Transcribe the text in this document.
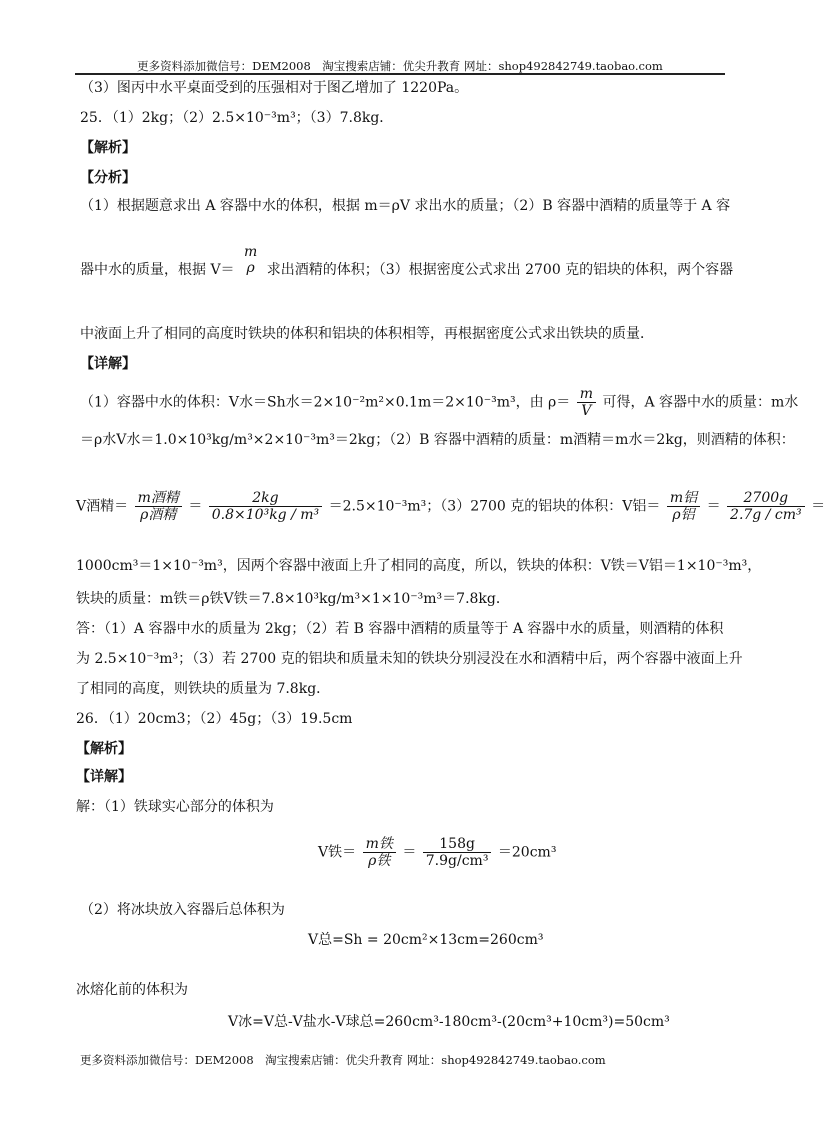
更多资料添加微信号：DEM2008　淘宝搜索店铺：优尖升教育 网址：shop492842749.taobao.com
（3）图丙中水平桌面受到的压强相对于图乙增加了 1220Pa。
25．（1）2kg；（2）2.5×10⁻³m³；（3）7.8kg．
【解析】
【分析】
（1）根据题意求出 A 容器中水的体积，根据 m＝ρV 求出水的质量；（2）B 容器中酒精的质量等于 A 容
器中水的质量，根据 V＝
m
ρ 求出酒精的体积；（3）根据密度公式求出 2700 克的铝块的体积，两个容器
中液面上升了相同的高度时铁块的体积和铝块的体积相等，再根据密度公式求出铁块的质量．
【详解】
（1）容器中水的体积：V水＝Sh水＝2×10⁻²m²×0.1m＝2×10⁻³m³，由 $\rho= \frac{m}{V}$ 可得，A 容器中水的质量：m水
＝ρ水V水＝1.0×10³kg/m³×2×10⁻³m³＝2kg；（2）B 容器中酒精的质量：m酒精＝m水＝2kg，则酒精的体积：
V酒精＝ $\frac{\text{m酒精}}{\text{ρ酒精}} = \frac{2kg}{\text{0.8×10³kg / m³}} =2.5\times 10^{-3}m^3$；（3）2700 克的铝块的体积：V铝＝ $\frac{\text{m铝}}{\text{ρ铝}} = \frac{2700g}{\text{2.7g / cm³}}$ ＝
1000cm³＝1×10⁻³m³，因两个容器中液面上升了相同的高度，所以，铁块的体积：V铁＝V铝＝1×10⁻³m³，
铁块的质量：m铁＝ρ铁V铁＝7.8×10³kg/m³×1×10⁻³m³＝7.8kg．
答：（1）A 容器中水的质量为 2kg；（2）若 B 容器中酒精的质量等于 A 容器中水的质量，则酒精的体积
为 2.5×10⁻³m³；（3）若 2700 克的铝块和质量未知的铁块分别浸没在水和酒精中后，两个容器中液面上升
了相同的高度，则铁块的质量为 7.8kg．
26．（1）20cm3；（2）45g；（3）19.5cm
【解析】
【详解】
解：（1）铁球实心部分的体积为
V铁＝ $\frac{\text{m铁}}{\text{ρ铁}} = \frac{158g}{\text{7.9g/cm³}} =20cm^3$
（2）将冰块放入容器后总体积为
V总=Sh = 20cm²×13cm=260cm³
冰熔化前的体积为
V冰=V总-V盐水-V球总=260cm³-180cm³-(20cm³+10cm³)=50cm³
更多资料添加微信号：DEM2008　淘宝搜索店铺：优尖升教育 网址：shop492842749.taobao.com
